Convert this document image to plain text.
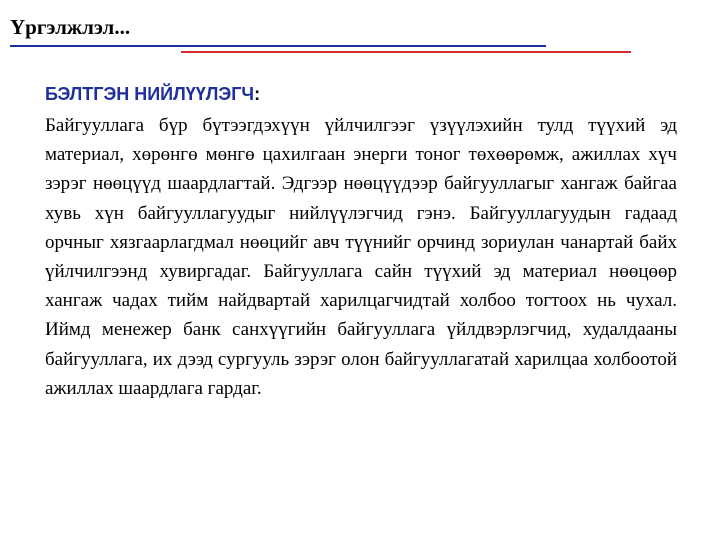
Үргэлжлэл...
БЭЛТГЭН НИЙЛҮҮЛЭГЧ:

Байгууллага бүр бүтээгдэхүүн үйлчилгээг үзүүлэхийн тулд түүхий эд материал, хөрөнгө мөнгө цахилгаан энерги тоног төхөөрөмж, ажиллах хүч зэрэг нөөцүүд шаардлагтай. Эдгээр нөөцүүдээр байгууллагыг хангаж байгаа хувь хүн байгууллагуудыг нийлүүлэгчид гэнэ. Байгууллагуудын гадаад орчныг хязгаарлагдмал нөөцийг авч түүнийг орчинд зориулан чанартай байх үйлчилгээнд хувиргадаг. Байгууллага сайн түүхий эд материал нөөцөөр хангаж чадах тийм найдвартай харилцагчидтай холбоо тогтоох нь чухал. Иймд менежер банк санхүүгийн байгууллага үйлдвэрлэгчид, худалдааны байгууллага, их дээд сургууль зэрэг олон байгууллагатай харилцаа холбоотой ажиллах шаардлага гардаг.
